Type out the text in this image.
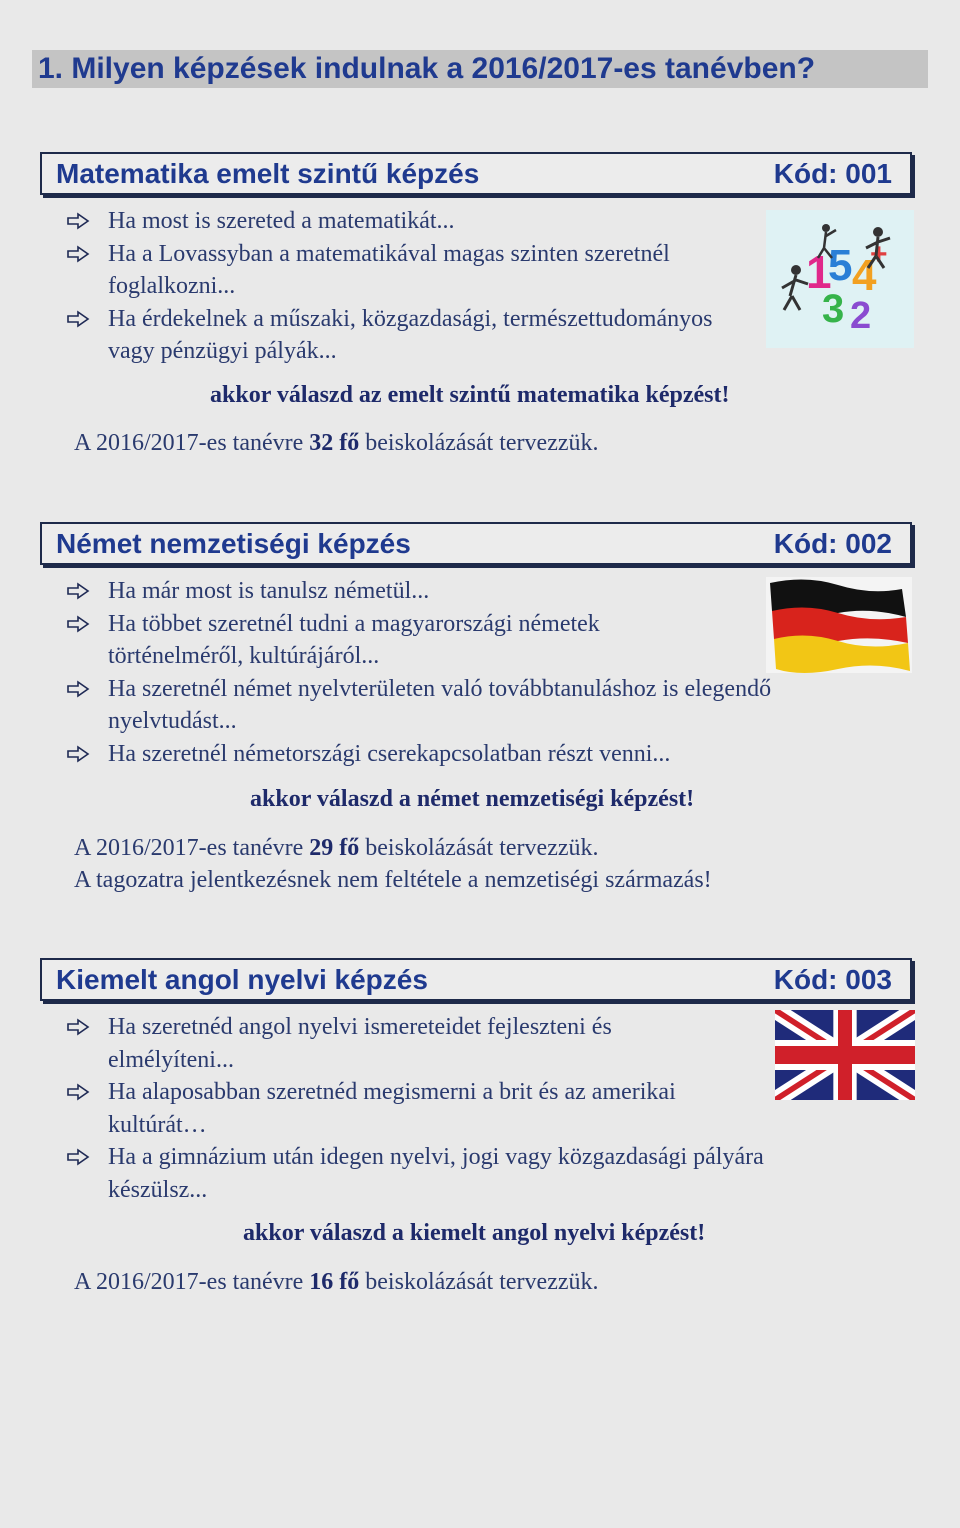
1. Milyen képzések indulnak a 2016/2017-es tanévben?
Matematika emelt szintű képzés	Kód: 001
Ha most is szereted a matematikát...
Ha a Lovassyban a matematikával magas szinten szeretnél foglalkozni...
Ha érdekelnek a műszaki, közgazdasági, természettudományos vagy pénzügyi pályák...
akkor válaszd az emelt szintű matematika képzést!
A 2016/2017-es tanévre 32 fő beiskolázását tervezzük.
1
5 4
3 2
+
Német nemzetiségi képzés	Kód: 002
Ha már most is tanulsz németül...
Ha többet szeretnél tudni a magyarországi németek történelméről, kultúrájáról...
Ha szeretnél német nyelvterületen való továbbtanuláshoz is elegendő nyelvtudást...
Ha szeretnél németországi cserekapcsolatban részt venni...
akkor válaszd a német nemzetiségi képzést!
A 2016/2017-es tanévre 29 fő beiskolázását tervezzük.
A tagozatra jelentkezésnek nem feltétele a nemzetiségi származás!
Kiemelt angol nyelvi képzés	Kód: 003
Ha szeretnéd angol nyelvi ismereteidet fejleszteni és elmélyíteni...
Ha alaposabban szeretnéd megismerni a brit és az amerikai kultúrát…
Ha a gimnázium után idegen nyelvi, jogi vagy közgazdasági pályára készülsz...
akkor válaszd a kiemelt angol nyelvi képzést!
A 2016/2017-es tanévre 16 fő beiskolázását tervezzük.
